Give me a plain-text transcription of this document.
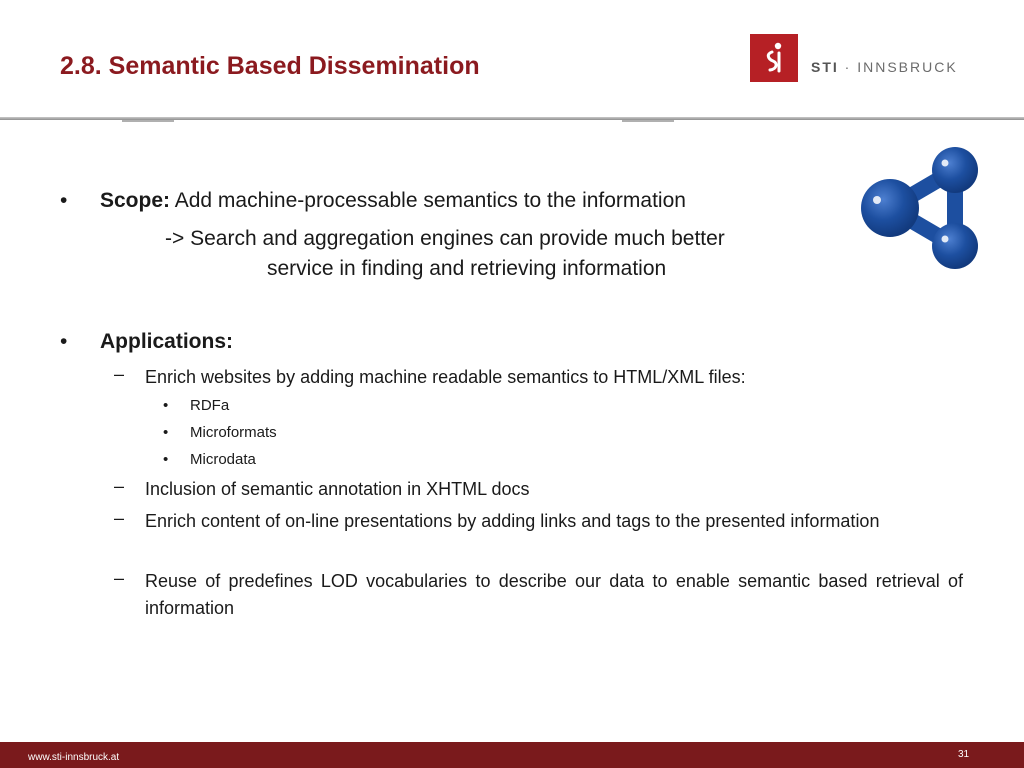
2.8. Semantic Based Dissemination	STI · INNSBRUCK
• Scope: Add machine-processable semantics to the information
-> Search and aggregation engines can provide much better
service in finding and retrieving information
• Applications:
– Enrich websites by adding machine readable semantics to HTML/XML files:
• RDFa
• Microformats
• Microdata
– Inclusion of semantic annotation in XHTML docs
– Enrich content of on-line presentations by adding links and tags to the presented information
– Reuse of predefines LOD vocabularies to describe our data to enable semantic based retrieval of information
www.sti-innsbruck.at	31
